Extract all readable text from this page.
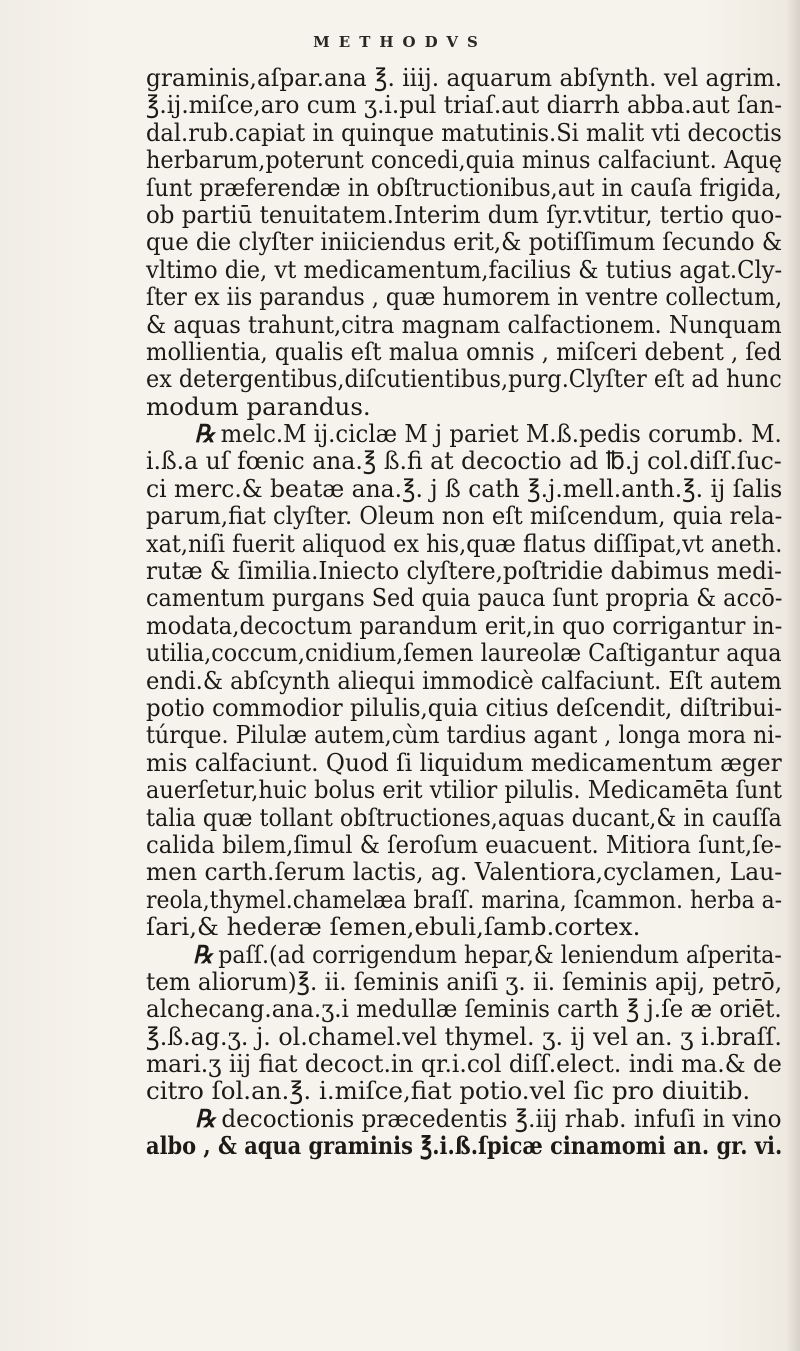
METHODVS
graminis,aſpar.ana ℥. iiij. aquarum abſynth. vel agrim.
℥.ij.miſce,aro cum ʒ.i.pul triaſ.aut diarrh abba.aut ſan-
dal.rub.capiat in quinque matutinis.Si malit vti decoctis
herbarum,poterunt concedi,quia minus calfaciunt. Aquę
ſunt præferendæ in obſtructionibus,aut in cauſa frigida,
ob partiū tenuitatem.Interim dum ſyr.vtitur, tertio quo-
que die clyſter iniiciendus erit,& potiſſimum ſecundo &
vltimo die, vt medicamentum,facilius & tutius agat.Cly-
ſter ex iis parandus , quæ humorem in ventre collectum,
& aquas trahunt,citra magnam calfactionem. Nunquam
mollientia, qualis eſt malua omnis , miſceri debent , ſed
ex detergentibus,diſcutientibus,purg.Clyſter eſt ad hunc
modum parandus.
℞ melc.M ij.ciclæ M j pariet M.ß.pedis corumb. M.
i.ß.a uſ fœnic ana.℥ ß.fi at decoctio ad ℔.j col.diſſ.ſuc-
ci merc.& beatæ ana.℥. j ß cath ℥.j.mell.anth.℥. ij ſalis
parum,fiat clyſter. Oleum non eſt miſcendum, quia rela-
xat,niſi fuerit aliquod ex his,quæ flatus diſſipat,vt aneth.
rutæ & ſimilia.Iniecto clyſtere,poſtridie dabimus medi-
camentum purgans Sed quia pauca ſunt propria & accō-
modata,decoctum parandum erit,in quo corrigantur in-
utilia,coccum,cnidium,ſemen laureolæ Caſtigantur aqua
endi.& abſcynth aliequi immodicè calfaciunt. Eſt autem
potio commodior pilulis,quia citius deſcendit, diſtribui-
túrque. Pilulæ autem,cùm tardius agant , longa mora ni-
mis calfaciunt. Quod ſi liquidum medicamentum æger
auerſetur,huic bolus erit vtilior pilulis. Medicamēta ſunt
talia quæ tollant obſtructiones,aquas ducant,& in cauſſa
calida bilem,ſimul & ſeroſum euacuent. Mitiora ſunt,ſe-
men carth.ſerum lactis, ag. Valentiora,cyclamen, Lau-
reola,thymel.chamelæa braſſ. marina, ſcammon. herba a-
ſari,& hederæ ſemen,ebuli,ſamb.cortex.
℞ paſſ.(ad corrigendum hepar,& leniendum aſperita-
tem aliorum)℥. ii. ſeminis aniſi ʒ. ii. ſeminis apij, petrō,
alchecang.ana.ʒ.i medullæ ſeminis carth ℥ j.ſe æ oriēt.
℥.ß.ag.ʒ. j. ol.chamel.vel thymel. ʒ. ij vel an. ʒ i.braſſ.
mari.ʒ iij fiat decoct.in qr.i.col diſſ.elect. indi ma.& de
citro ſol.an.℥. i.miſce,fiat potio.vel ſic pro diuitib.
℞ decoctionis præcedentis ℥.iij rhab. infuſi in vino
albo , & aqua graminis ℥.i.ß.ſpicæ cinamomi an. gr. vi.
